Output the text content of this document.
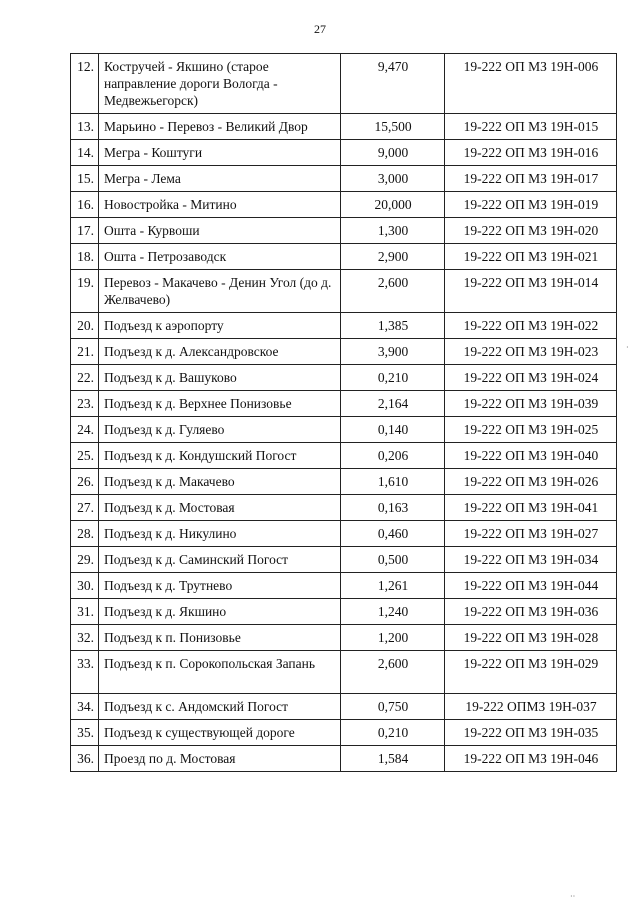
27
12.	Костручей - Якшино (старое направление дороги Вологда - Медвежьегорск)	9,470	19-222 ОП МЗ 19Н-006
13.	Марьино - Перевоз - Великий Двор	15,500	19-222 ОП МЗ 19Н-015
14.	Мегра - Коштуги	9,000	19-222 ОП МЗ 19Н-016
15.	Мегра - Лема	3,000	19-222 ОП МЗ 19Н-017
16.	Новостройка - Митино	20,000	19-222 ОП МЗ 19Н-019
17.	Ошта - Курвоши	1,300	19-222 ОП МЗ 19Н-020
18.	Ошта - Петрозаводск	2,900	19-222 ОП МЗ 19Н-021
19.	Перевоз - Макачево - Денин Угол (до д. Желвачево)	2,600	19-222 ОП МЗ 19Н-014
20.	Подъезд к аэропорту	1,385	19-222 ОП МЗ 19Н-022
21.	Подъезд к д. Александровское	3,900	19-222 ОП МЗ 19Н-023
22.	Подъезд к д. Вашуково	0,210	19-222 ОП МЗ 19Н-024
23.	Подъезд к д. Верхнее Понизовье	2,164	19-222 ОП МЗ 19Н-039
24.	Подъезд к д. Гуляево	0,140	19-222 ОП МЗ 19Н-025
25.	Подъезд к д. Кондушский Погост	0,206	19-222 ОП МЗ 19Н-040
26.	Подъезд к д. Макачево	1,610	19-222 ОП МЗ 19Н-026
27.	Подъезд к д. Мостовая	0,163	19-222 ОП МЗ 19Н-041
28.	Подъезд к д. Никулино	0,460	19-222 ОП МЗ 19Н-027
29.	Подъезд к д. Саминский Погост	0,500	19-222 ОП МЗ 19Н-034
30.	Подъезд к д. Трутнево	1,261	19-222 ОП МЗ 19Н-044
31.	Подъезд к д. Якшино	1,240	19-222 ОП МЗ 19Н-036
32.	Подъезд к п. Понизовье	1,200	19-222 ОП МЗ 19Н-028
33.	Подъезд к п. Сорокопольская Запань	2,600	19-222 ОП МЗ 19Н-029
34.	Подъезд к с. Андомский Погост	0,750	19-222 ОПМЗ 19Н-037
35.	Подъезд к существующей дороге	0,210	19-222 ОП МЗ 19Н-035
36.	Проезд по д. Мостовая	1,584	19-222 ОП МЗ 19Н-046
·
··
